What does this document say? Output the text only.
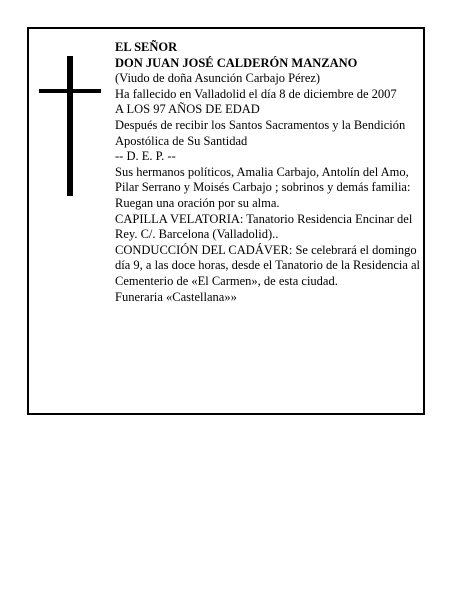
EL SEÑOR

DON JUAN JOSÉ CALDERÓN MANZANO

(Viudo de doña Asunción Carbajo Pérez)

Ha fallecido en Valladolid el día 8 de diciembre de 2007

A LOS 97 AÑOS DE EDAD

Después de recibir los Santos Sacramentos y la Bendición Apostólica de Su Santidad

-- D. E. P. --

Sus hermanos políticos, Amalia Carbajo, Antolín del Amo, Pilar Serrano y Moisés Carbajo ; sobrinos y demás familia:

Ruegan una oración por su alma.

CAPILLA VELATORIA: Tanatorio Residencia Encinar del Rey. C/. Barcelona (Valladolid)..

CONDUCCIÓN DEL CADÁVER: Se celebrará el domingo día 9, a las doce horas, desde el Tanatorio de la Residencia al Cementerio de «El Carmen», de esta ciudad.

Funeraria «Castellana»»
